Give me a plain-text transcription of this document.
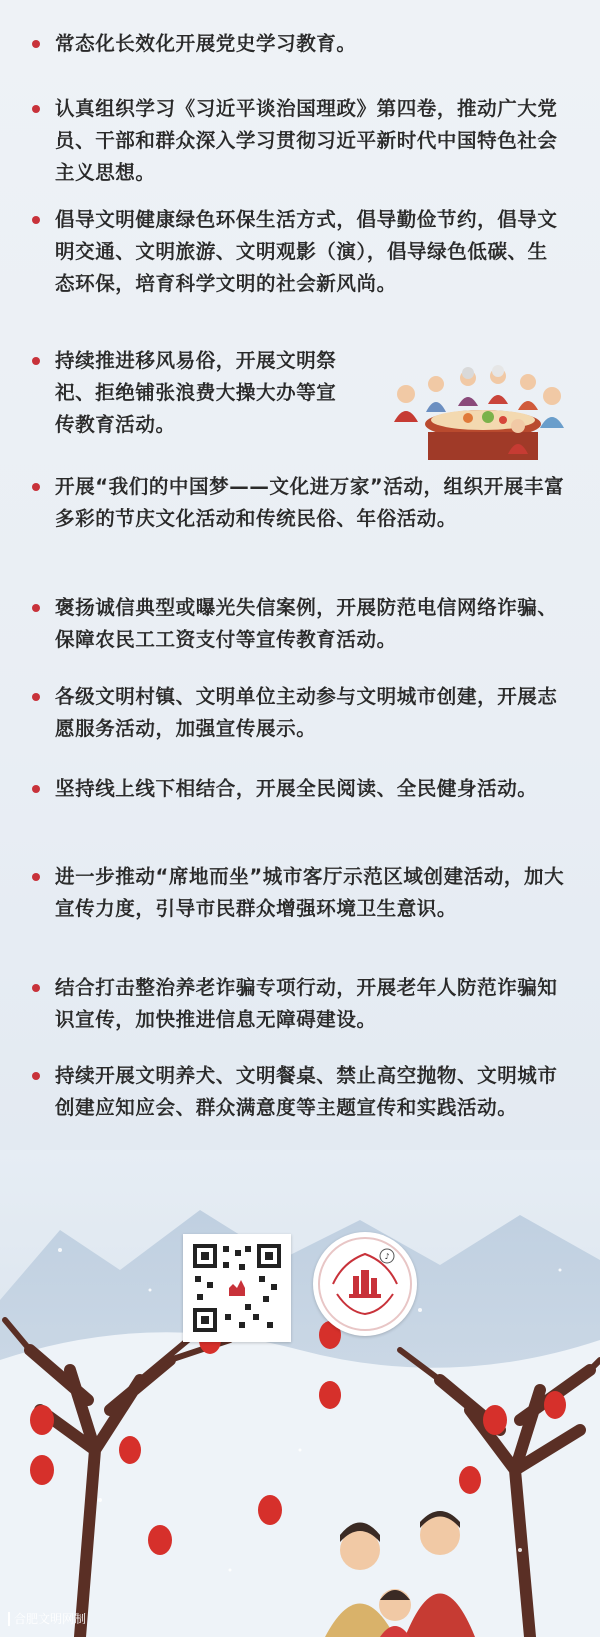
常态化长效化开展党史学习教育。
认真组织学习《习近平谈治国理政》第四卷，推动广大党员、干部和群众深入学习贯彻习近平新时代中国特色社会主义思想。
倡导文明健康绿色环保生活方式，倡导勤俭节约，倡导文明交通、文明旅游、文明观影（演），倡导绿色低碳、生态环保，培育科学文明的社会新风尚。
持续推进移风易俗，开展文明祭祀、拒绝铺张浪费大操大办等宣传教育活动。
开展“我们的中国梦——文化进万家”活动，组织开展丰富多彩的节庆文化活动和传统民俗、年俗活动。
褒扬诚信典型或曝光失信案例，开展防范电信网络诈骗、保障农民工工资支付等宣传教育活动。
各级文明村镇、文明单位主动参与文明城市创建，开展志愿服务活动，加强宣传展示。
坚持线上线下相结合，开展全民阅读、全民健身活动。
进一步推动“席地而坐”城市客厅示范区域创建活动，加大宣传力度，引导市民群众增强环境卫生意识。
结合打击整治养老诈骗专项行动，开展老年人防范诈骗知识宣传，加快推进信息无障碍建设。
持续开展文明养犬、文明餐桌、禁止高空抛物、文明城市创建应知应会、群众满意度等主题宣传和实践活动。
♪
合肥文明网制
